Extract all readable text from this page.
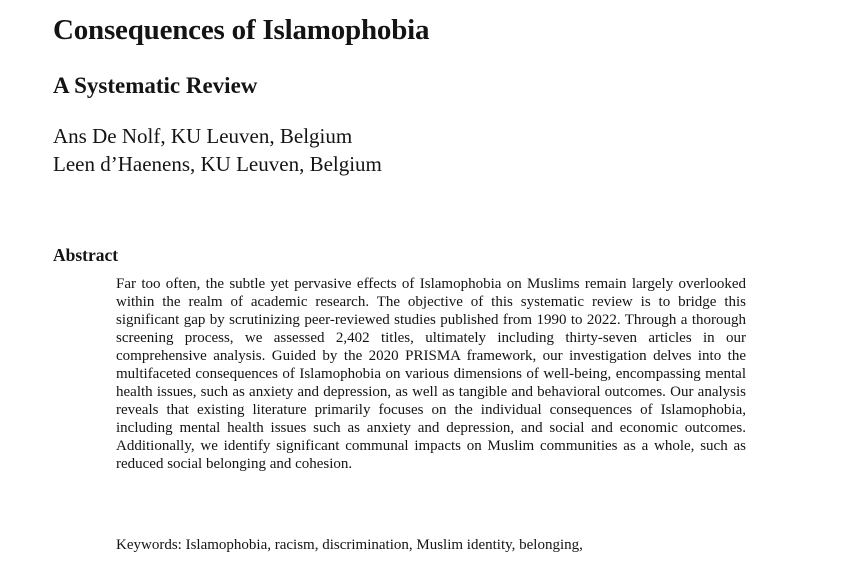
Consequences of Islamophobia
A Systematic Review
Ans De Nolf, KU Leuven, Belgium
Leen d’Haenens, KU Leuven, Belgium
Abstract

Far too often, the subtle yet pervasive effects of Islamophobia on Muslims remain largely overlooked within the realm of academic research. The objective of this systematic review is to bridge this significant gap by scrutinizing peer-reviewed studies published from 1990 to 2022. Through a thorough screening process, we assessed 2,402 titles, ultimately including thirty-seven articles in our comprehensive analysis. Guided by the 2020 PRISMA framework, our investigation delves into the multifaceted consequences of Islamophobia on various dimensions of well-being, encompassing mental health issues, such as anxiety and depression, as well as tangible and behavioral outcomes. Our analysis reveals that existing literature primarily focuses on the individual consequences of Islamophobia, including mental health issues such as anxiety and depression, and social and economic outcomes. Additionally, we identify significant communal impacts on Muslim communities as a whole, such as reduced social belonging and cohesion.

Keywords: Islamophobia, racism, discrimination, Muslim identity, belonging,
